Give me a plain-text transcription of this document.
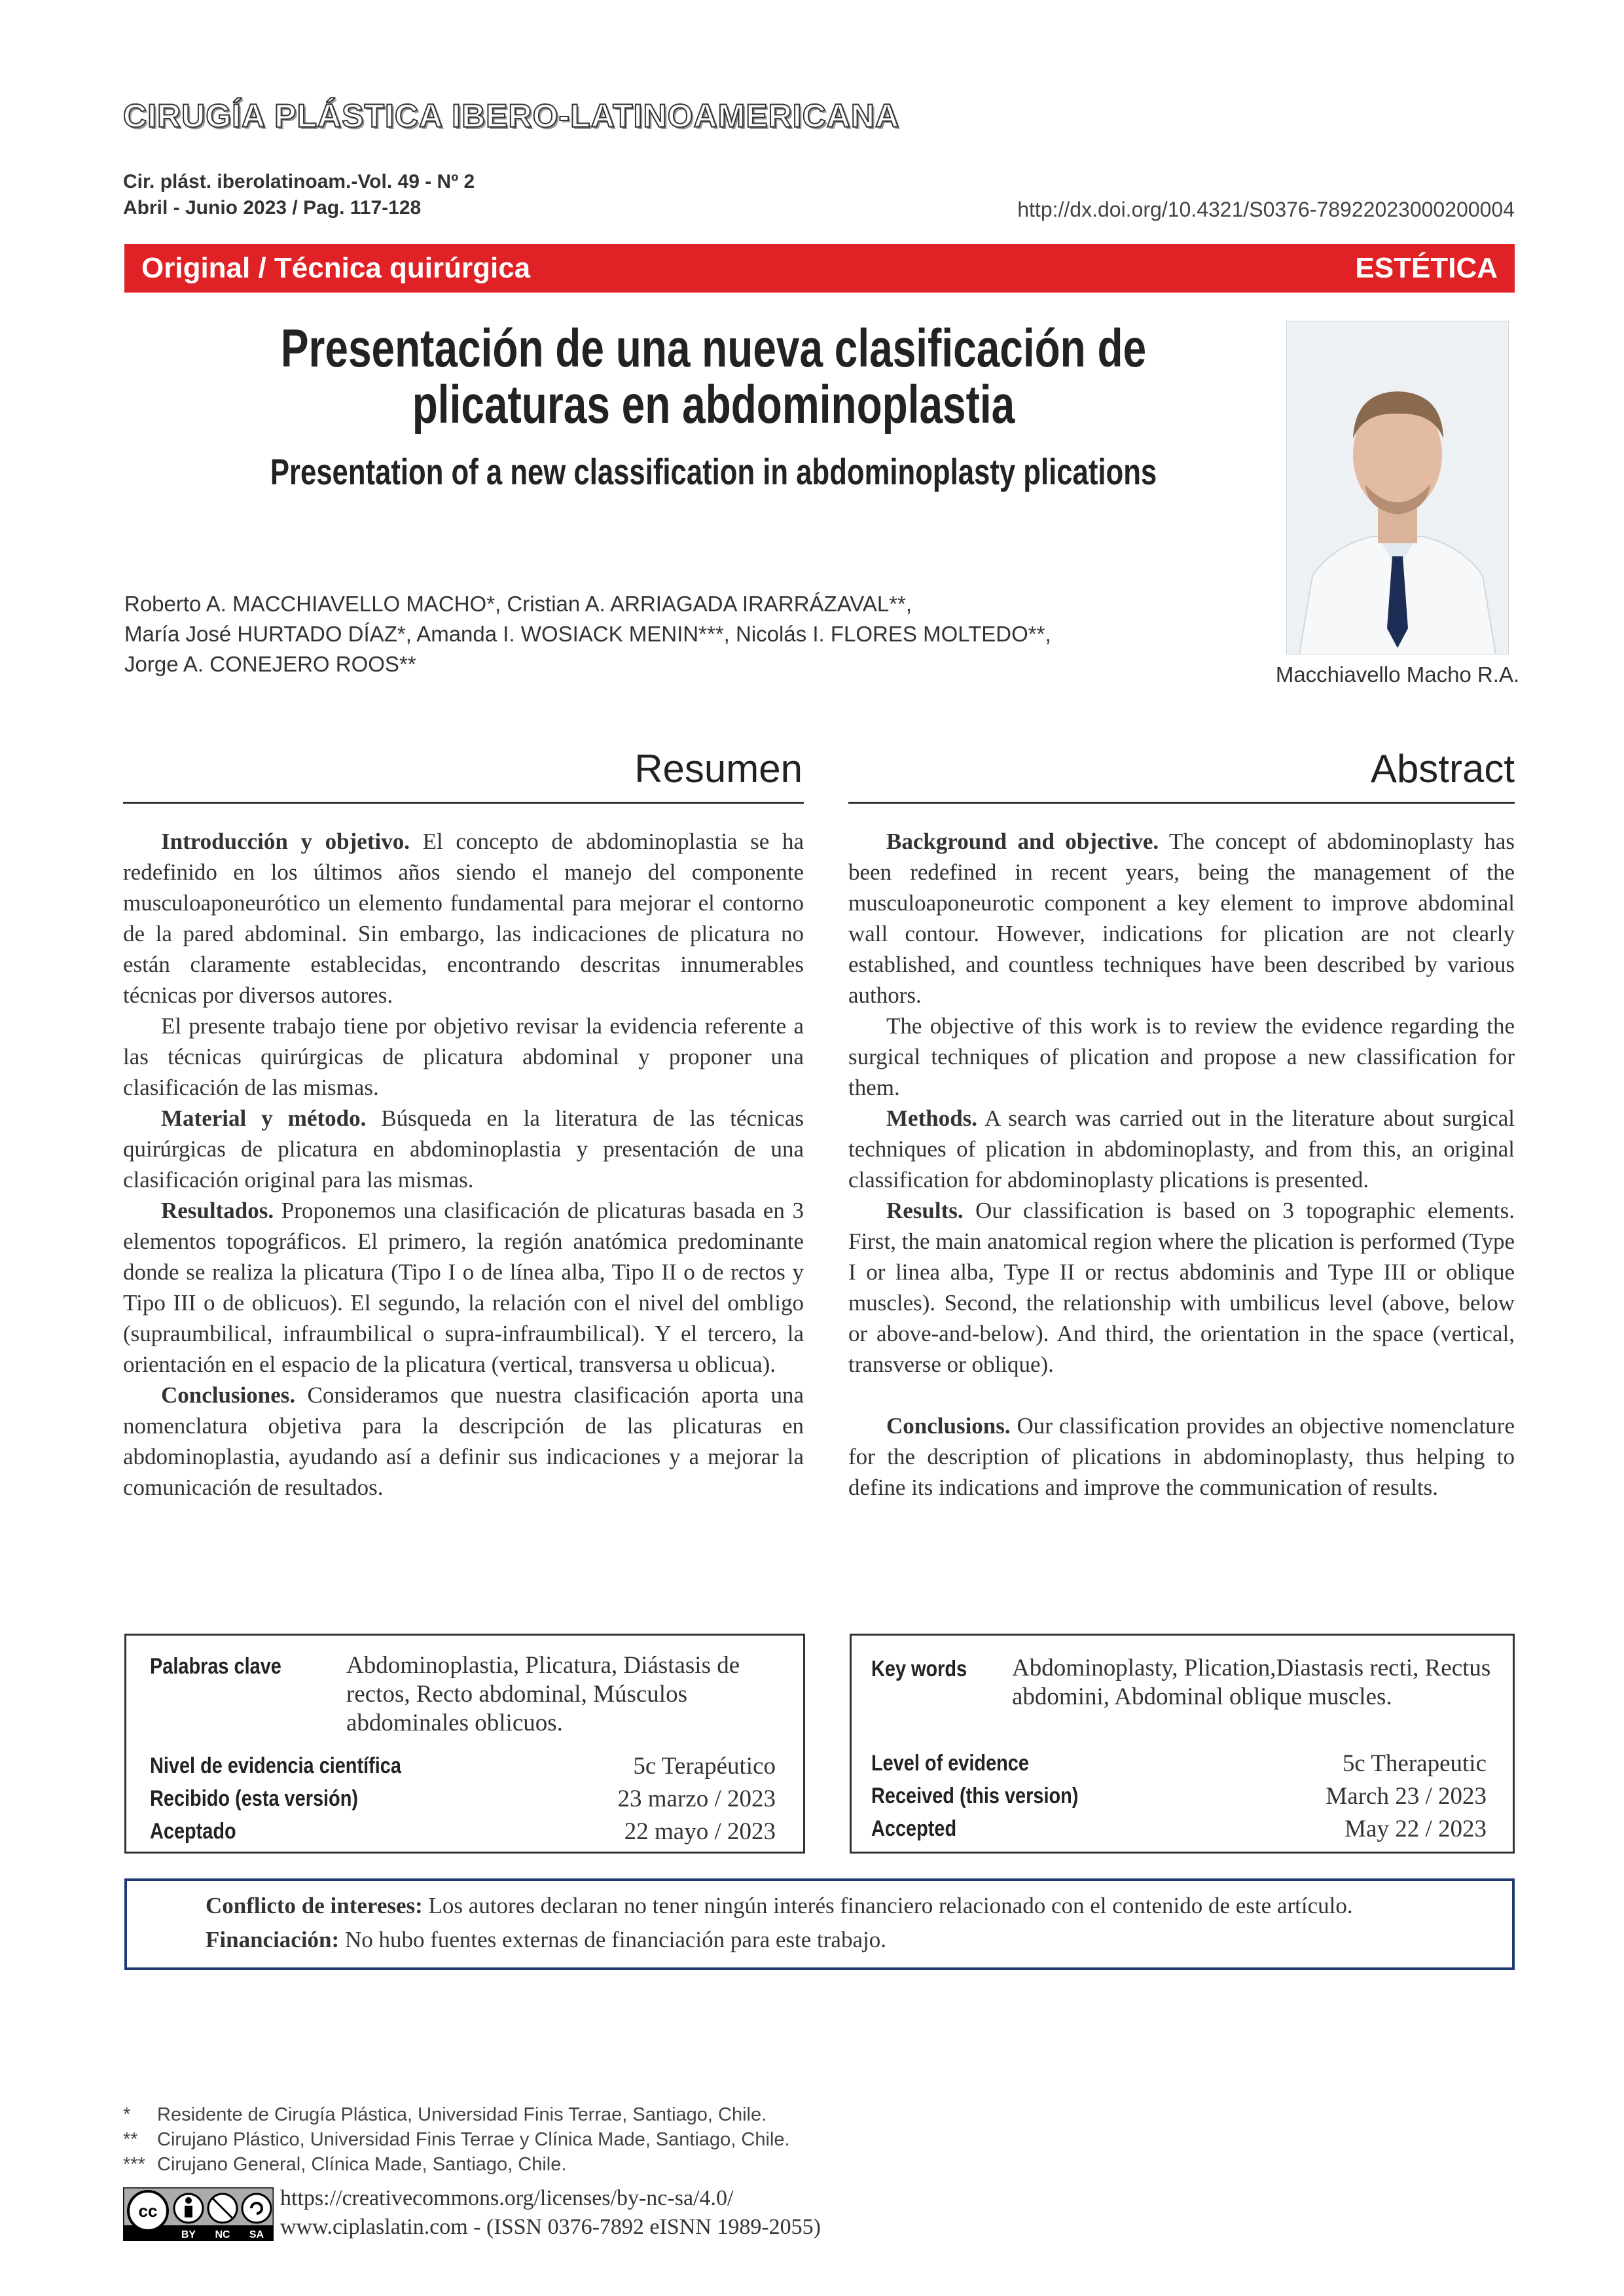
CIRUGÍA PLÁSTICA IBERO-LATINOAMERICANA
Cir. plást. iberolatinoam.-Vol. 49 - Nº 2
Abril - Junio 2023 / Pag. 117-128	http://dx.doi.org/10.4321/S0376-78922023000200004
Original / Técnica quirúrgica	ESTÉTICA
Presentación de una nueva clasificación de
plicaturas en abdominoplastia
Presentation of a new classification in abdominoplasty plications
Macchiavello Macho R.A.
Roberto A. MACCHIAVELLO MACHO*, Cristian A. ARRIAGADA IRARRÁZAVAL**,
María José HURTADO DÍAZ*, Amanda I. WOSIACK MENIN***, Nicolás I. FLORES MOLTEDO**,
Jorge A. CONEJERO ROOS**
Resumen

Introducción y objetivo. El concepto de abdominoplastia se ha redefinido en los últimos años siendo el manejo del componente musculoaponeurótico un elemento fundamental para mejorar el contorno de la pared abdominal. Sin embargo, las indicaciones de plicatura no están claramente establecidas, encontrando descritas innumerables técnicas por diversos autores.

El presente trabajo tiene por objetivo revisar la evidencia referente a las técnicas quirúrgicas de plicatura abdominal y proponer una clasificación de las mismas.

Material y método. Búsqueda en la literatura de las técnicas quirúrgicas de plicatura en abdominoplastia y presentación de una clasificación original para las mismas.

Resultados. Proponemos una clasificación de plicaturas basada en 3 elementos topográficos. El primero, la región anatómica predominante donde se realiza la plicatura (Tipo I o de línea alba, Tipo II o de rectos y Tipo III o de oblicuos). El segundo, la relación con el nivel del ombligo (supraumbilical, infraumbilical o supra-infraumbilical). Y el tercero, la orientación en el espacio de la plicatura (vertical, transversa u oblicua).

Conclusiones. Consideramos que nuestra clasificación aporta una nomenclatura objetiva para la descripción de las plicaturas en abdominoplastia, ayudando así a definir sus indicaciones y a mejorar la comunicación de resultados.

Abstract

Background and objective. The concept of abdominoplasty has been redefined in recent years, being the management of the musculoaponeurotic component a key element to improve abdominal wall contour. However, indications for plication are not clearly established, and countless techniques have been described by various authors.

The objective of this work is to review the evidence regarding the surgical techniques of plication and propose a new classification for them.

Methods. A search was carried out in the literature about surgical techniques of plication in abdominoplasty, and from this, an original classification for abdominoplasty plications is presented.

Results. Our classification is based on 3 topographic elements. First, the main anatomical region where the plication is performed (Type I or linea alba, Type II or rectus abdominis and Type III or oblique muscles). Second, the relationship with umbilicus level (above, below or above-and-below). And third, the orientation in the space (vertical, transverse or oblique).

Conclusions. Our classification provides an objective nomenclature for the description of plications in abdominoplasty, thus helping to define its indications and improve the communication of results.

Palabras clave	Abdominoplastia, Plicatura, Diástasis de rectos, Recto abdominal, Músculos abdominales oblicuos.
Nivel de evidencia científica	5c Terapéutico
Recibido (esta versión)	23 marzo / 2023
Aceptado	22 mayo / 2023
Key words Abdominoplasty, Plication,Diastasis recti, Rectus abdomini, Abdominal oblique muscles.
Level of evidence	5c Therapeutic
Received (this version)	March 23 / 2023
Accepted	May 22 / 2023
Conflicto de intereses: Los autores declaran no tener ningún interés financiero relacionado con el contenido de este artículo.
Financiación: No hubo fuentes externas de financiación para este trabajo.
* Residente de Cirugía Plástica, Universidad Finis Terrae, Santiago, Chile.
** Cirujano Plástico, Universidad Finis Terrae y Clínica Made, Santiago, Chile.
*** Cirujano General, Clínica Made, Santiago, Chile.
cc
BY NC SA
https://creativecommons.org/licenses/by-nc-sa/4.0/
www.ciplaslatin.com - (ISSN 0376-7892 eISNN 1989-2055)
